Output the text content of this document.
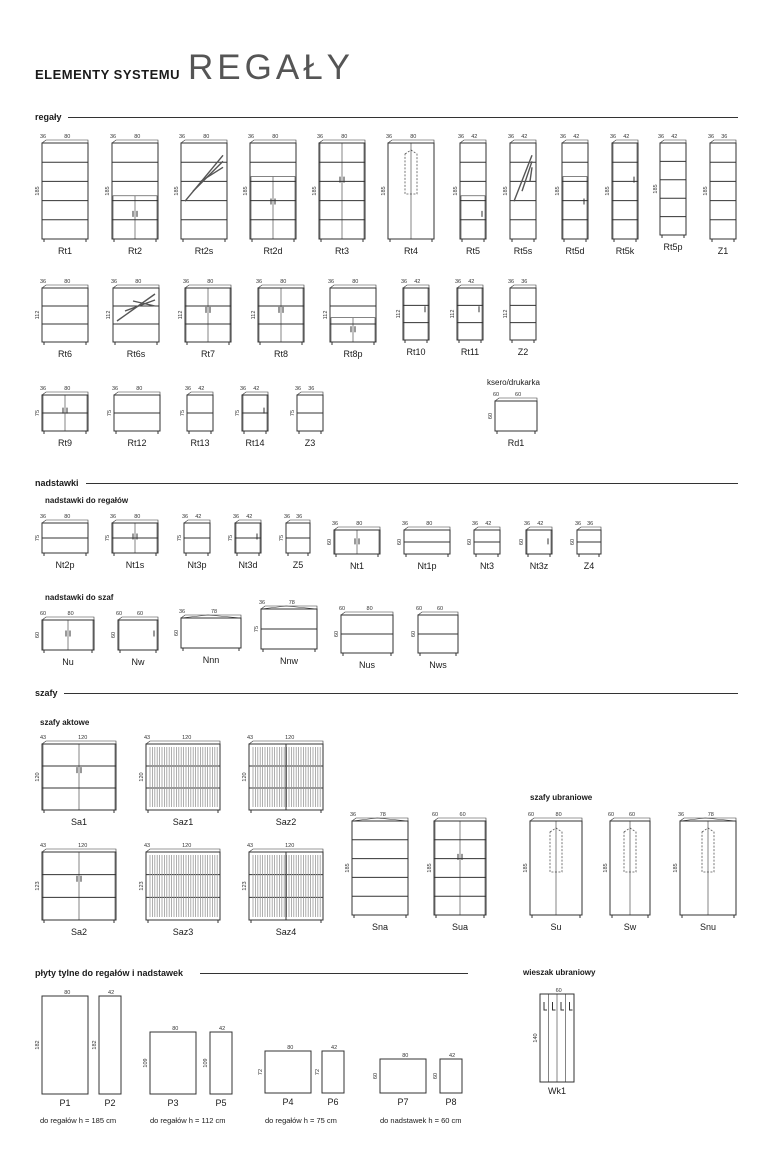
ELEMENTY SYSTEMU REGAŁY
regały
nadstawki
nadstawki do regałów
nadstawki do szaf
szafy
szafy aktowe
szafy ubraniowe
płyty tylne do regałów i nadstawek	wieszak ubraniowy
ksero/drukarka
do regałów h = 185 cm	do regałów h = 112 cm	do regałów h = 75 cm	do nadstawek h = 60 cm
80
185
36
Rt1
80
185
36
Rt2
80
185
36
Rt2s
80
185
36
Rt2d
80
185
36
Rt3
80
185
36
Rt4
42
185
36
Rt5
42
185
36
Rt5s
42
185
36
Rt5d
42
185
36
Rt5k
42
185
36
Rt5p
36
185
36
Z1
80
112
36
Rt6
80
112
36
Rt6s
80
112
36
Rt7
80
112
36
Rt8
80
112
36
Rt8p
42
112
36
Rt10
42
112
36
Rt11
36
112
36
Z2
80
75
36
Rt9
80
75
36
Rt12
42
75
36
Rt13
42
75
36
Rt14
36
75
36
Z3
60
60
60
Rd1
80
75
36
Nt2p
80
75
36
Nt1s
42
75
36
Nt3p
42
75
36
Nt3d
36
75
36
Z5
80
60
36
Nt1
80
60
36
Nt1p
42
60
36
Nt3
42
60
36
Nt3z
36
60
36
Z4
80
60
60
Nu
60
60
60
Nw
78
60
36
Nnn
78
75
36
Nnw
80
60
60
Nus
60
60
60
Nws
120
120
43
Sa1
120
120
43
Saz1
120
120
43
Saz2
120
123
43
Sa2
120
123
43
Saz3
120
123
43
Saz4
78
185
36
Sna
60
185
60
Sua
80
185
60
Su
60
185
60
Sw
78
185
36
Snu
80
182
P1
42
182
P2
80
109
P3
42
109
P5
80
72
P4
42
72
P6
80
60
P7
42
60
P8
60
140
Wk1
